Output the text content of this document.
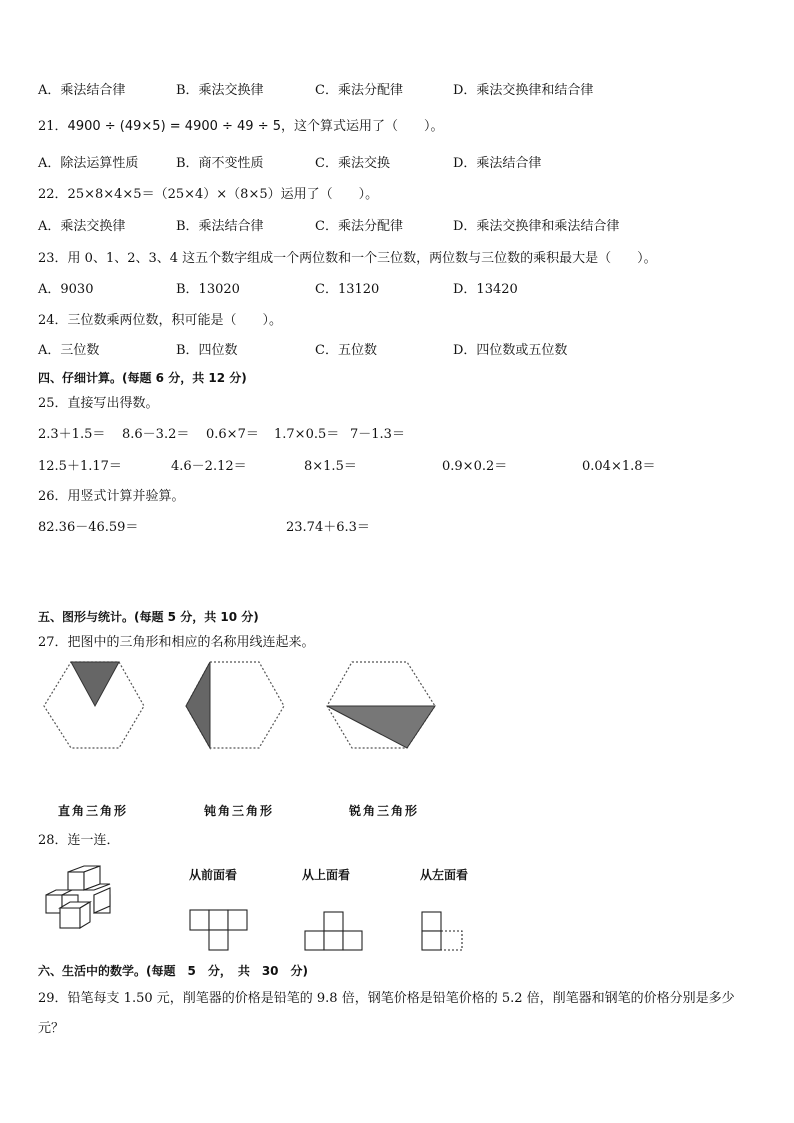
A．乘法结合律	B．乘法交换律	C．乘法分配律	D．乘法交换律和结合律
21．4900 ÷ (49×5) = 4900 ÷ 49 ÷ 5，这个算式运用了（　　）。
A．除法运算性质	B．商不变性质	C．乘法交换	D．乘法结合律
22．25×8×4×5＝（25×4）×（8×5）运用了（　　）。
A．乘法交换律	B．乘法结合律	C．乘法分配律	D．乘法交换律和乘法结合律
23．用 0、1、2、3、4 这五个数字组成一个两位数和一个三位数，两位数与三位数的乘积最大是（　　）。
A．9030	B．13020	C．13120	D．13420
24．三位数乘两位数，积可能是（　　）。
A．三位数	B．四位数	C．五位数	D．四位数或五位数
四、仔细计算。(每题 6 分，共 12 分)
25．直接写出得数。
2.3＋1.5＝ 8.6－3.2＝ 0.6×7＝ 1.7×0.5＝ 7－1.3＝
12.5＋1.17＝	4.6－2.12＝	8×1.5＝	0.9×0.2＝	0.04×1.8＝
26．用竖式计算并验算。
82.36－46.59＝	23.74＋6.3＝
五、图形与统计。(每题 5 分，共 10 分)
27．把图中的三角形和相应的名称用线连起来。
直角三角形	钝角三角形	锐角三角形
28．连一连．
从前面看	从上面看	从左面看
六、生活中的数学。(每题　5　分，　共　30　分)
29．铅笔每支 1.50 元，削笔器的价格是铅笔的 9.8 倍，钢笔价格是铅笔价格的 5.2 倍，削笔器和钢笔的价格分别是多少
元？
